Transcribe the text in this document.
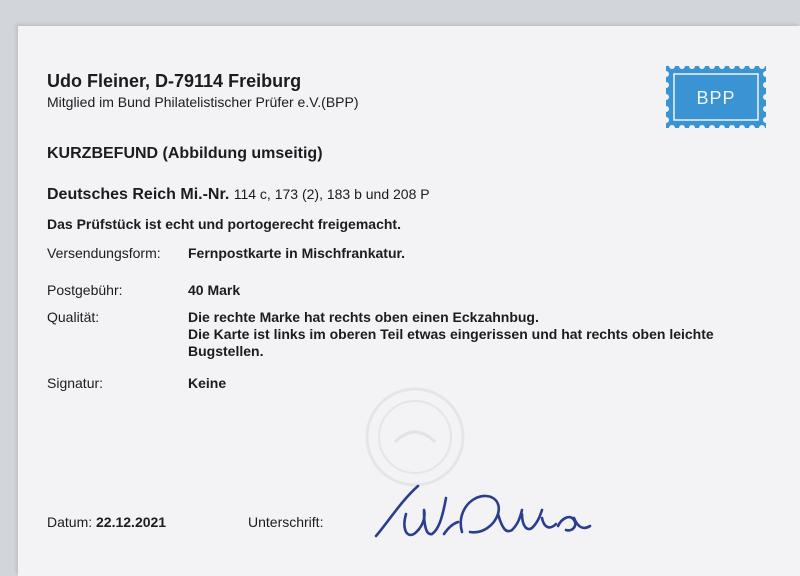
Udo Fleiner, D-79114 Freiburg
Mitglied im Bund Philatelistischer Prüfer e.V.(BPP)	BPP
KURZBEFUND (Abbildung umseitig)
Deutsches Reich Mi.-Nr. 114 c, 173 (2), 183 b und 208 P
Das Prüfstück ist echt und portogerecht freigemacht.
Versendungsform: Fernpostkarte in Mischfrankatur.
Postgebühr:	40 Mark
Qualität:	Die rechte Marke hat rechts oben einen Eckzahnbug.
Die Karte ist links im oberen Teil etwas eingerissen und hat rechts oben leichte Bugstellen.
Signatur:	Keine
Datum: 22.12.2021	Unterschrift:
